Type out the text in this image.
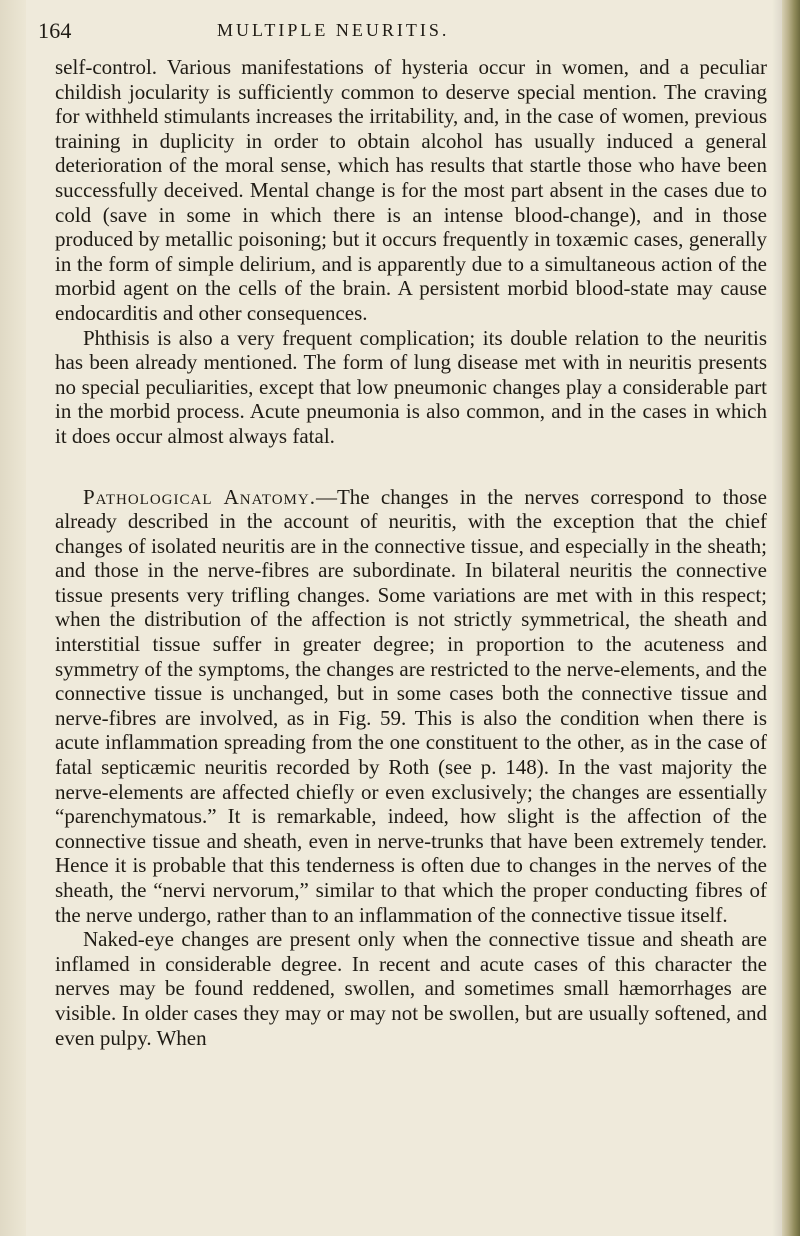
164	MULTIPLE NEURITIS.

self-control. Various manifestations of hysteria occur in women, and a peculiar childish jocularity is sufficiently common to deserve special mention. The craving for withheld stimulants increases the irritability, and, in the case of women, previous training in duplicity in order to obtain alcohol has usually induced a general deterioration of the moral sense, which has results that startle those who have been successfully deceived. Mental change is for the most part absent in the cases due to cold (save in some in which there is an intense blood-change), and in those produced by metallic poisoning; but it occurs frequently in toxæmic cases, generally in the form of simple delirium, and is apparently due to a simultaneous action of the morbid agent on the cells of the brain. A persistent morbid blood-state may cause endocarditis and other consequences.

Phthisis is also a very frequent complication; its double relation to the neuritis has been already mentioned. The form of lung disease met with in neuritis presents no special peculiarities, except that low pneumonic changes play a considerable part in the morbid process. Acute pneumonia is also common, and in the cases in which it does occur almost always fatal.

Pathological Anatomy.—The changes in the nerves correspond to those already described in the account of neuritis, with the exception that the chief changes of isolated neuritis are in the connective tissue, and especially in the sheath; and those in the nerve-fibres are subordinate. In bilateral neuritis the connective tissue presents very trifling changes. Some variations are met with in this respect; when the distribution of the affection is not strictly symmetrical, the sheath and interstitial tissue suffer in greater degree; in proportion to the acuteness and symmetry of the symptoms, the changes are restricted to the nerve-elements, and the connective tissue is unchanged, but in some cases both the connective tissue and nerve-fibres are involved, as in Fig. 59. This is also the condition when there is acute inflammation spreading from the one constituent to the other, as in the case of fatal septicæmic neuritis recorded by Roth (see p. 148). In the vast majority the nerve-elements are affected chiefly or even exclusively; the changes are essentially “parenchymatous.” It is remarkable, indeed, how slight is the affection of the connective tissue and sheath, even in nerve-trunks that have been extremely tender. Hence it is probable that this tenderness is often due to changes in the nerves of the sheath, the “nervi nervorum,” similar to that which the proper conducting fibres of the nerve undergo, rather than to an inflammation of the connective tissue itself.

Naked-eye changes are present only when the connective tissue and sheath are inflamed in considerable degree. In recent and acute cases of this character the nerves may be found reddened, swollen, and sometimes small hæmorrhages are visible. In older cases they may or may not be swollen, but are usually softened, and even pulpy. When
